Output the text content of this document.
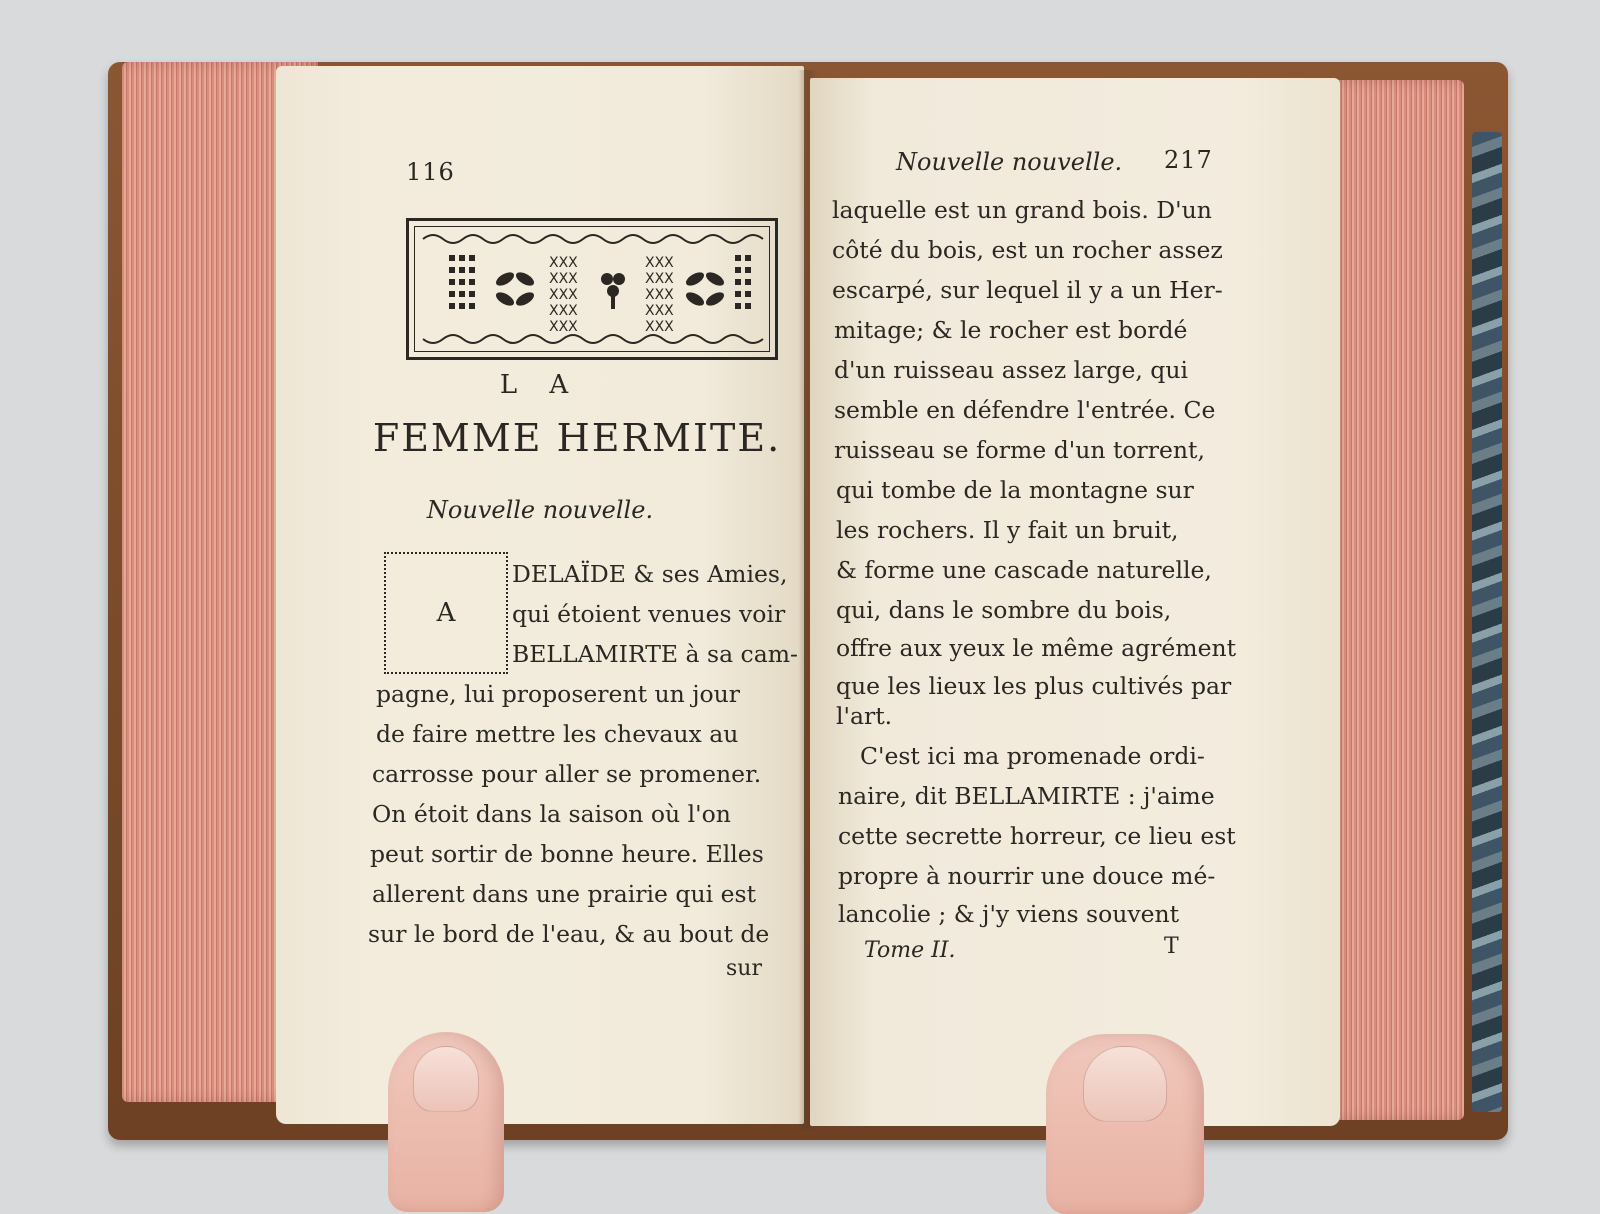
116
XXX
XXX
XXX
XXX
XXX
XXX
XXX
XXX
XXX
XXX
L A
FEMME HERMITE.
Nouvelle nouvelle.
A
DELAÏDE & ses Amies,
qui étoient venues voir
BELLAMIRTE à sa cam-
pagne, lui proposerent un jour
de faire mettre les chevaux au
carrosse pour aller se promener.
On étoit dans la saison où l'on
peut sortir de bonne heure. Elles
allerent dans une prairie qui est
sur le bord de l'eau, & au bout de
sur
Nouvelle nouvelle. 217
laquelle est un grand bois. D'un
côté du bois, est un rocher assez
escarpé, sur lequel il y a un Her-
mitage; & le rocher est bordé
d'un ruisseau assez large, qui
semble en défendre l'entrée. Ce
ruisseau se forme d'un torrent,
qui tombe de la montagne sur
les rochers. Il y fait un bruit,
& forme une cascade naturelle,
qui, dans le sombre du bois,
offre aux yeux le même agrément
que les lieux les plus cultivés par
l'art.
C'est ici ma promenade ordi-
naire, dit BELLAMIRTE : j'aime
cette secrette horreur, ce lieu est
propre à nourrir une douce mé-
lancolie ; & j'y viens souvent
Tome II.	T
